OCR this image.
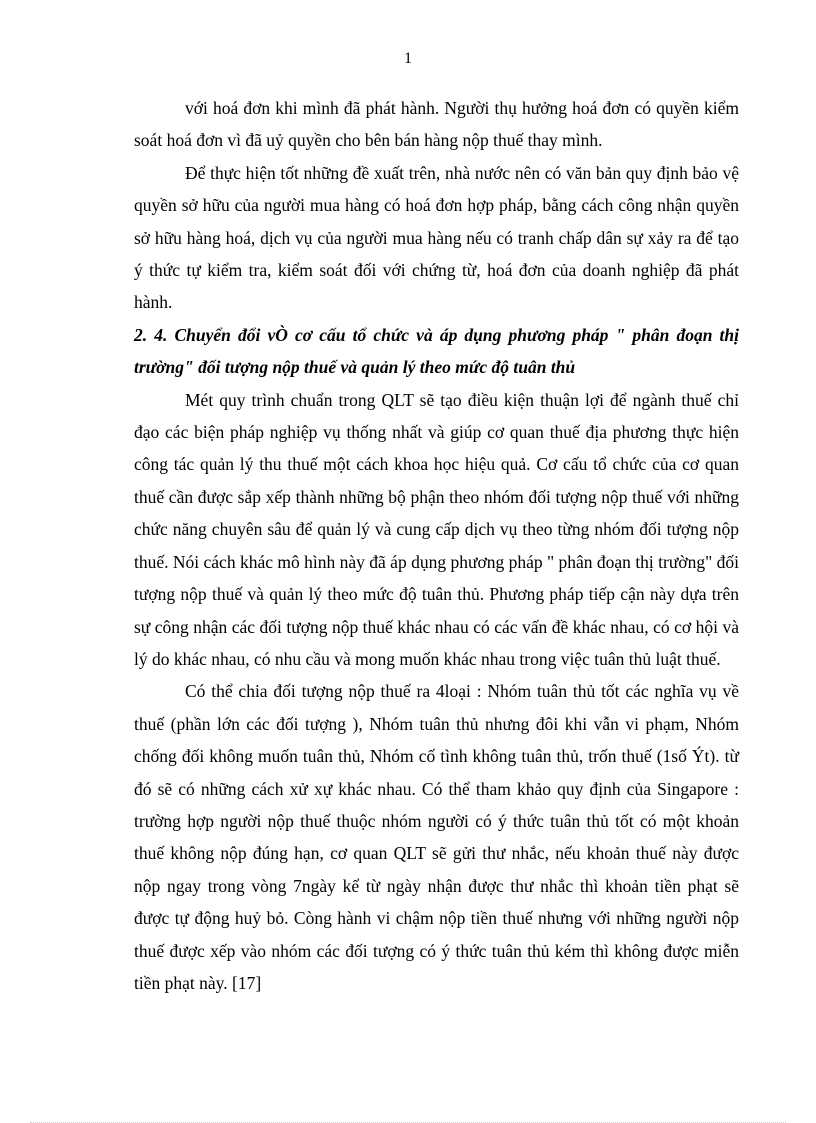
1

với hoá đơn khi mình đã phát hành. Người thụ hưởng hoá đơn có quyền kiểm soát hoá đơn vì đã uỷ quyền cho bên bán hàng nộp thuế thay mình.

Để thực hiện tốt những đề xuất trên, nhà nước nên có văn bản quy định bảo vệ quyền sở hữu của người mua hàng có hoá đơn hợp pháp, bằng cách công nhận quyền sở hữu hàng hoá, dịch vụ của người mua hàng nếu có tranh chấp dân sự xảy ra để tạo ý thức tự kiểm tra, kiểm soát đối với chứng từ, hoá đơn của doanh nghiệp đã phát hành.

2. 4. Chuyển đổi vÒ cơ cấu tổ chức và áp dụng phương pháp " phân đoạn thị trường" đối tượng nộp thuế và quản lý theo mức độ tuân thủ

Mét quy trình chuẩn trong QLT sẽ tạo điều kiện thuận lợi để ngành thuế chỉ đạo các biện pháp nghiệp vụ thống nhất và giúp cơ quan thuế địa phương thực hiện công tác quản lý thu thuế một cách khoa học hiệu quả. Cơ cấu tổ chức của cơ quan thuế cần được sắp xếp thành những bộ phận theo nhóm đối tượng nộp thuế với những chức năng chuyên sâu để quản lý và cung cấp dịch vụ theo từng nhóm đối tượng nộp thuế. Nói cách khác mô hình này đã áp dụng phương pháp " phân đoạn thị trường" đối tượng nộp thuế và quản lý theo mức độ tuân thủ. Phương pháp tiếp cận này dựa trên sự công nhận các đối tượng nộp thuế khác nhau có các vấn đề khác nhau, có cơ hội và lý do khác nhau, có nhu cầu và mong muốn khác nhau trong việc tuân thủ luật thuế.

Có thể chia đối tượng nộp thuế ra 4loại : Nhóm tuân thủ tốt các nghĩa vụ về thuế (phần lớn các đối tượng ), Nhóm tuân thủ nhưng đôi khi vẫn vi phạm, Nhóm chống đối không muốn tuân thủ, Nhóm cố tình không tuân thủ, trốn thuế (1số Ýt). từ đó sẽ có những cách xử xự khác nhau. Có thể tham khảo quy định của Singapore : trường hợp người nộp thuế thuộc nhóm người có ý thức tuân thủ tốt có một khoản thuế không nộp đúng hạn, cơ quan QLT sẽ gửi thư nhắc, nếu khoản thuế này được nộp ngay trong vòng 7ngày kể từ ngày nhận được thư nhắc thì khoản tiền phạt sẽ được tự động huỷ bỏ. Còng hành vi chậm nộp tiền thuế nhưng với những người nộp thuế được xếp vào nhóm các đối tượng có ý thức tuân thủ kém thì không được miễn tiền phạt này. [17]
